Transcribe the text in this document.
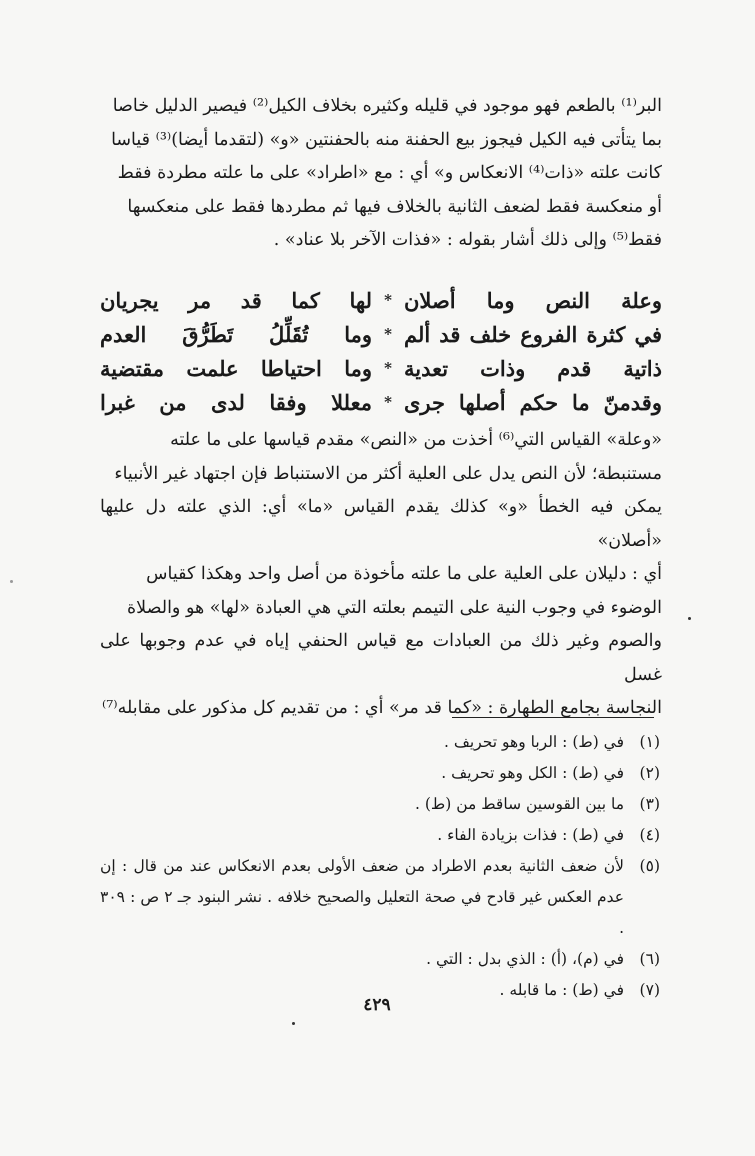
البر⁽¹⁾ بالطعم فهو موجود في قليله وكثيره بخلاف الكيل⁽²⁾ فيصير الدليل خاصا

بما يتأتى فيه الكيل فيجوز بيع الحفنة منه بالحفنتين «و» (لتقدما أيضا)⁽³⁾ قياسا

كانت علته «ذات⁽⁴⁾ الانعكاس و» أي : مع «اطراد» على ما علته مطردة فقط

أو منعكسة فقط لضعف الثانية بالخلاف فيها ثم مطردها فقط على منعكسها

فقط⁽⁵⁾ وإلى ذلك أشار بقوله : «فذات الآخر بلا عناد» .

وعلة النص وما أصلان
*
لها كما قد مر يجريان
في كثرة الفروع خلف قد ألم
*
وما تُقَلِّلُ تَطَرُّقَ العدم
ذاتية قدم وذات تعدية
*
وما احتياطا علمت مقتضية
وقدمنّ ما حكم أصلها جرى
*
معللا وفقا لدى من غبرا

«وعلة» القياس التي⁽⁶⁾ أخذت من «النص» مقدم قياسها على ما علته

مستنبطة؛ لأن النص يدل على العلية أكثر من الاستنباط فإن اجتهاد غير الأنبياء

يمكن فيه الخطأ «و» كذلك يقدم القياس «ما» أي: الذي علته دل عليها «أصلان»

أي : دليلان على العلية على ما علته مأخوذة من أصل واحد وهكذا كقياس

الوضوء في وجوب النية على التيمم بعلته التي هي العبادة «لها» هو والصلاة

والصوم وغير ذلك من العبادات مع قياس الحنفي إياه في عدم وجوبها على غسل

النجاسة بجامع الطهارة : «كما قد مر» أي : من تقديم كل مذكور على مقابله⁽⁷⁾

(١)
في (ط) : الربا وهو تحريف .
(٢)
في (ط) : الكل وهو تحريف .
(٣)
ما بين القوسين ساقط من (ط) .
(٤)
في (ط) : فذات بزيادة الفاء .
(٥)
لأن ضعف الثانية بعدم الاطراد من ضعف الأولى بعدم الانعكاس عند من قال : إن عدم العكس غير قادح في صحة التعليل والصحيح خلافه . نشر البنود جـ ٢ ص : ٣٠٩ .
(٦)
في (م)، (أ) : الذي بدل : التي .
(٧)
في (ط) : ما قابله .
٤٢٩
